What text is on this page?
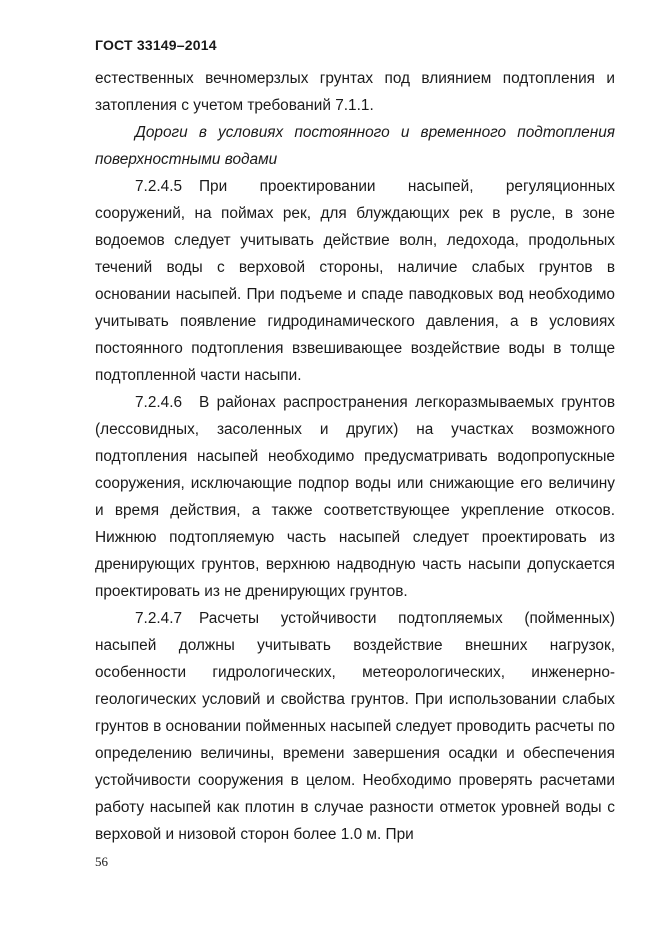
ГОСТ 33149–2014

естественных вечномерзлых грунтах под влиянием подтопления и затопления с учетом требований 7.1.1.

Дороги в условиях постоянного и временного подтопления поверхностными водами

7.2.4.5 При проектировании насыпей, регуляционных сооружений, на поймах рек, для блуждающих рек в русле, в зоне водоемов следует учитывать действие волн, ледохода, продольных течений воды с верховой стороны, наличие слабых грунтов в основании насыпей. При подъеме и спаде паводковых вод необходимо учитывать появление гидродинамического давления, а в условиях постоянного подтопления взвешивающее воздействие воды в толще подтопленной части насыпи.

7.2.4.6 В районах распространения легкоразмываемых грунтов (лессовидных, засоленных и других) на участках возможного подтопления насыпей необходимо предусматривать водопропускные сооружения, исключающие подпор воды или снижающие его величину и время действия, а также соответствующее укрепление откосов. Нижнюю подтопляемую часть насыпей следует проектировать из дренирующих грунтов, верхнюю надводную часть насыпи допускается проектировать из не дренирующих грунтов.

7.2.4.7 Расчеты устойчивости подтопляемых (пойменных) насыпей должны учитывать воздействие внешних нагрузок, особенности гидрологических, метеорологических, инженерно-геологических условий и свойства грунтов. При использовании слабых грунтов в основании пойменных насыпей следует проводить расчеты по определению величины, времени завершения осадки и обеспечения устойчивости сооружения в целом. Необходимо проверять расчетами работу насыпей как плотин в случае разности отметок уровней воды с верховой и низовой сторон более 1.0 м. При

56
